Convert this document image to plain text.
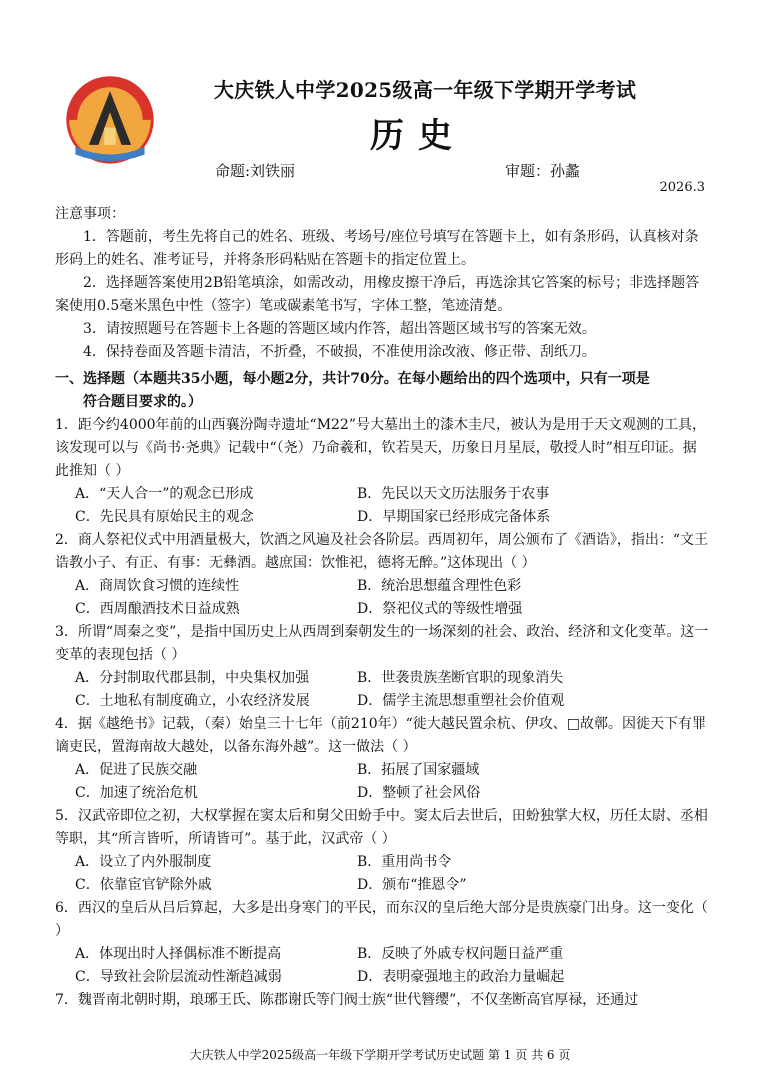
大庆铁人中学2025级高一年级下学期开学考试
历史
命题:刘铁丽	审题：孙蠡
2026.3

注意事项：

1．答题前，考生先将自己的姓名、班级、考场号/座位号填写在答题卡上，如有条形码，认真核对条形码上的姓名、准考证号，并将条形码粘贴在答题卡的指定位置上。

2．选择题答案使用2B铅笔填涂，如需改动，用橡皮擦干净后，再选涂其它答案的标号；非选择题答案使用0.5毫米黑色中性（签字）笔或碳素笔书写，字体工整，笔迹清楚。

3．请按照题号在答题卡上各题的答题区域内作答，超出答题区域书写的答案无效。

4．保持卷面及答题卡清洁，不折叠，不破损，不准使用涂改液、修正带、刮纸刀。

一、选择题（本题共35小题，每小题2分，共计70分。在每小题给出的四个选项中，只有一项是

符合题目要求的。）

1．距今约4000年前的山西襄汾陶寺遗址“M22”号大墓出土的漆木圭尺，被认为是用于天文观测的工具，该发现可以与《尚书·尧典》记载中“（尧）乃命羲和，钦若昊天，历象日月星辰，敬授人时”相互印证。据此推知（ ）

A．“天人合一”的观念已形成	B．先民以天文历法服务于农事
C．先民具有原始民主的观念	D．早期国家已经形成完备体系

2．商人祭祀仪式中用酒量极大，饮酒之风遍及社会各阶层。西周初年，周公颁布了《酒诰》，指出：“文王诰教小子、有正、有事：无彝酒。越庶国：饮惟祀，德将无醉。”这体现出（ ）

A．商周饮食习惯的连续性	B．统治思想蕴含理性色彩
C．西周酿酒技术日益成熟	D．祭祀仪式的等级性增强

3．所谓“周秦之变”，是指中国历史上从西周到秦朝发生的一场深刻的社会、政治、经济和文化变革。这一变革的表现包括（ ）

A．分封制取代郡县制，中央集权加强	B．世袭贵族垄断官职的现象消失
C．土地私有制度确立，小农经济发展	D．儒学主流思想重塑社会价值观

4．据《越绝书》记载，（秦）始皇三十七年（前210年）“徙大越民置余杭、伊攻、□故鄣。因徙天下有罪谪吏民，置海南故大越处，以备东海外越”。这一做法（ ）

A．促进了民族交融	B．拓展了国家疆域
C．加速了统治危机	D．整顿了社会风俗

5．汉武帝即位之初，大权掌握在窦太后和舅父田蚡手中。窦太后去世后，田蚡独掌大权，历任太尉、丞相等职，其“所言皆听，所请皆可”。基于此，汉武帝（ ）

A．设立了内外服制度	B．重用尚书令
C．依靠宦官铲除外戚	D．颁布“推恩令”

6．西汉的皇后从吕后算起，大多是出身寒门的平民，而东汉的皇后绝大部分是贵族豪门出身。这一变化（ ）

A．体现出时人择偶标准不断提高	B．反映了外戚专权问题日益严重
C．导致社会阶层流动性渐趋减弱	D．表明豪强地主的政治力量崛起

7．魏晋南北朝时期，琅琊王氏、陈郡谢氏等门阀士族“世代簪缨”，不仅垄断高官厚禄，还通过

大庆铁人中学2025级高一年级下学期开学考试历史试题 第 1 页 共 6 页
